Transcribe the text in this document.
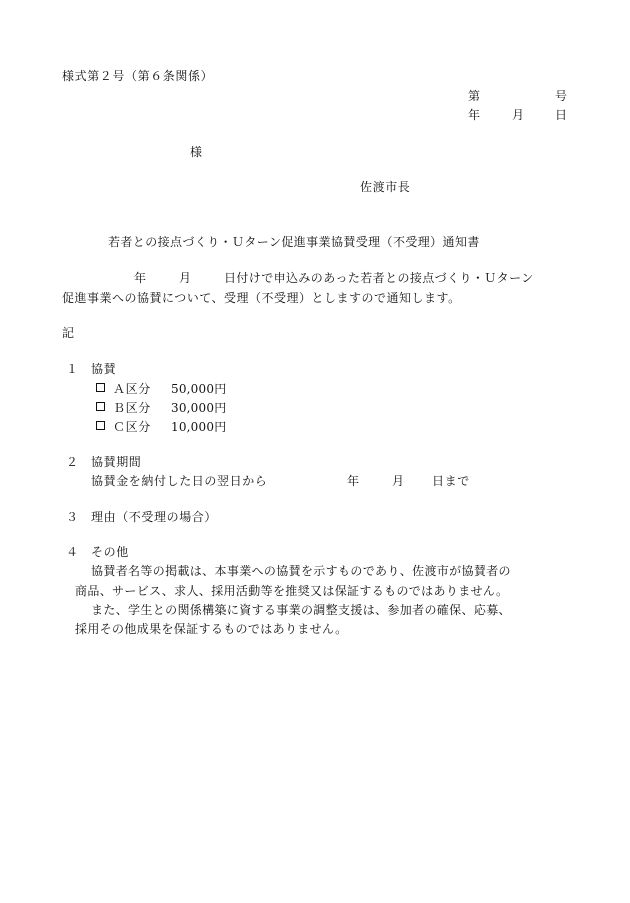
様式第２号（第６条関係）
第	号
年	月	日
様
佐渡市長
若者との接点づくり・Ｕターン促進事業協賛受理（不受理）通知書
年	月	日付けで申込みのあった若者との接点づくり・Ｕターン
促進事業への協賛について、受理（不受理）としますので通知します。
記
１ 協賛
Ａ区分 50,000円
Ｂ区分 30,000円
Ｃ区分 10,000円
２ 協賛期間
協賛金を納付した日の翌日から	年	月 日まで
３ 理由（不受理の場合）
４ その他
協賛者名等の掲載は、本事業への協賛を示すものであり、佐渡市が協賛者の
商品、サービス、求人、採用活動等を推奨又は保証するものではありません。
また、学生との関係構築に資する事業の調整支援は、参加者の確保、応募、
採用その他成果を保証するものではありません。
